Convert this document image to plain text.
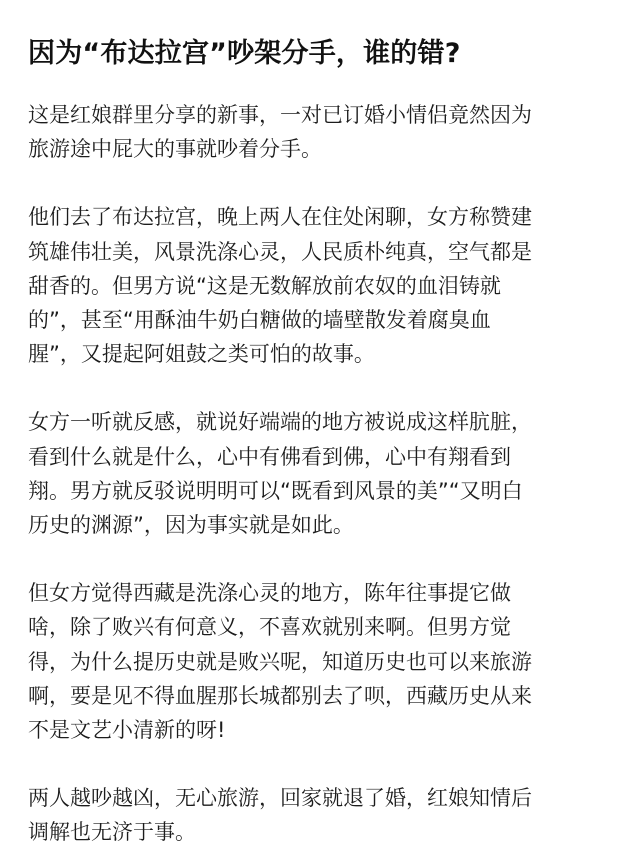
因为“布达拉宫”吵架分手，谁的错?

这是红娘群里分享的新事，一对已订婚小情侣竟然因为
旅游途中屁大的事就吵着分手。

他们去了布达拉宫，晚上两人在住处闲聊，女方称赞建
筑雄伟壮美，风景洗涤心灵，人民质朴纯真，空气都是
甜香的。但男方说“这是无数解放前农奴的血泪铸就
的”，甚至“用酥油牛奶白糖做的墙壁散发着腐臭血
腥”，又提起阿姐鼓之类可怕的故事。

女方一听就反感，就说好端端的地方被说成这样肮脏，
看到什么就是什么，心中有佛看到佛，心中有翔看到
翔。男方就反驳说明明可以“既看到风景的美”“又明白
历史的渊源”，因为事实就是如此。

但女方觉得西藏是洗涤心灵的地方，陈年往事提它做
啥，除了败兴有何意义，不喜欢就别来啊。但男方觉
得，为什么提历史就是败兴呢，知道历史也可以来旅游
啊，要是见不得血腥那长城都别去了呗，西藏历史从来
不是文艺小清新的呀!

两人越吵越凶，无心旅游，回家就退了婚，红娘知情后
调解也无济于事。
